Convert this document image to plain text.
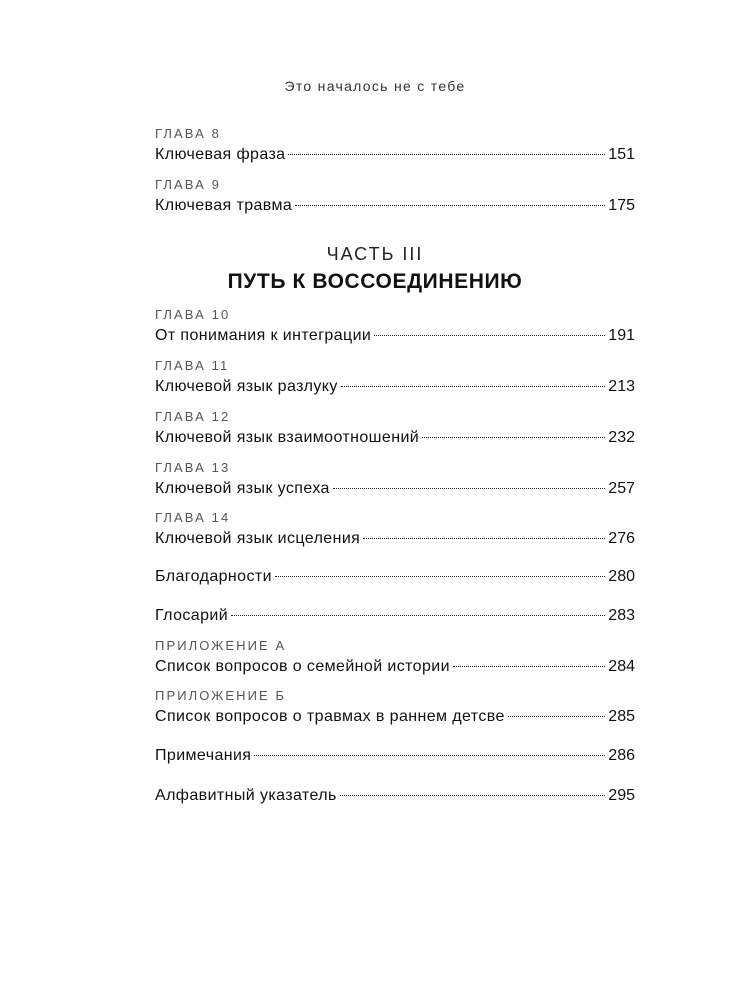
Это началось не с тебе
ГЛАВА 8
Ключевая фраза	151
ГЛАВА 9
Ключевая травма	175
ЧАСТЬ III
ПУТЬ К ВОССОЕДИНЕНИЮ
ГЛАВА 10
От понимания к интеграции	191
ГЛАВА 11
Ключевой язык разлуку	213
ГЛАВА 12
Ключевой язык взаимоотношений	232
ГЛАВА 13
Ключевой язык успеха	257
ГЛАВА 14
Ключевой язык исцеления	276
Благодарности	280
Глосарий	283
ПРИЛОЖЕНИЕ А
Список вопросов о семейной истории	284
ПРИЛОЖЕНИЕ Б
Список вопросов о травмах в раннем детсве	285
Примечания	286
Алфавитный указатель	295
